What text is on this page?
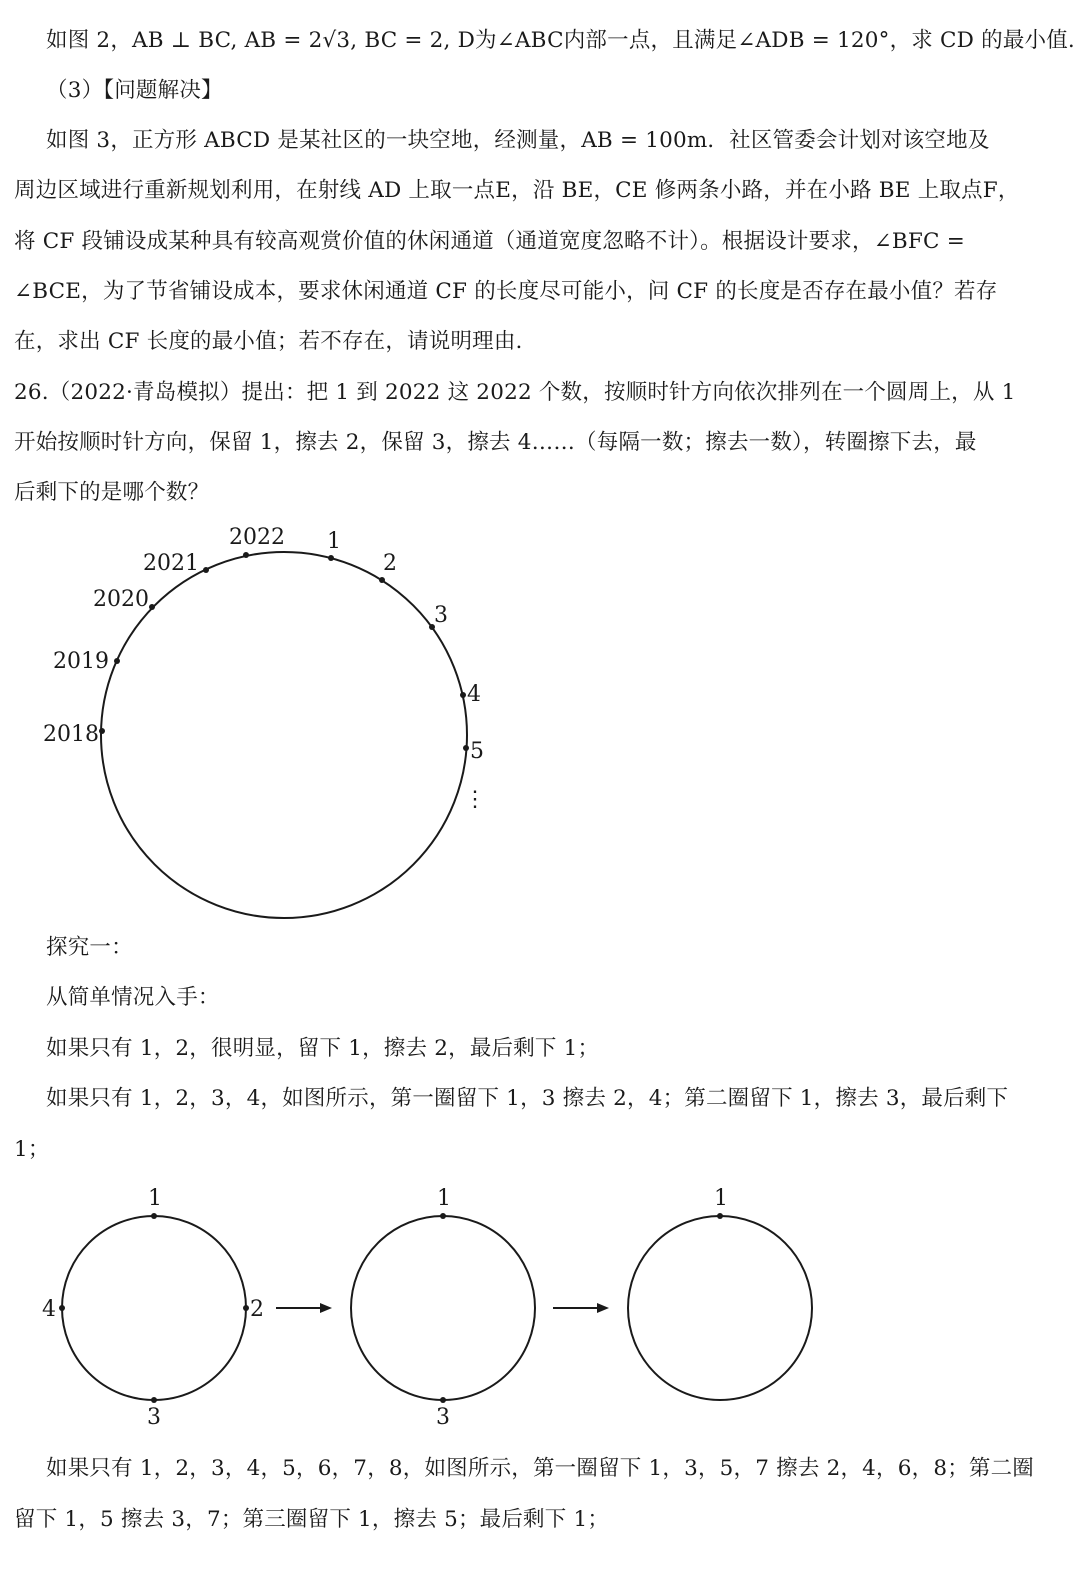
如图 2，AB ⊥ BC, AB = 2√3, BC = 2, D为∠ABC内部一点，且满足∠ADB = 120°，求 CD 的最小值.
（3）【问题解决】
如图 3，正方形 ABCD 是某社区的一块空地，经测量，AB = 100m．社区管委会计划对该空地及
周边区域进行重新规划利用，在射线 AD 上取一点E，沿 BE，CE 修两条小路，并在小路 BE 上取点F，
将 CF 段铺设成某种具有较高观赏价值的休闲通道（通道宽度忽略不计）。根据设计要求，∠BFC =
∠BCE，为了节省铺设成本，要求休闲通道 CF 的长度尽可能小，问 CF 的长度是否存在最小值？若存
在，求出 CF 长度的最小值；若不存在，请说明理由.
26.（2022·青岛模拟）提出：把 1 到 2022 这 2022 个数，按顺时针方向依次排列在一个圆周上，从 1
开始按顺时针方向，保留 1，擦去 2，保留 3，擦去 4……（每隔一数；擦去一数），转圈擦下去，最
后剩下的是哪个数？
2022 1
2
3
4
5
2021
2020
2019
2018
⋮
1
2
3
4
1
3
1
探究一：
从简单情况入手：
如果只有 1，2，很明显，留下 1，擦去 2，最后剩下 1；
如果只有 1，2，3，4，如图所示，第一圈留下 1，3 擦去 2，4；第二圈留下 1，擦去 3，最后剩下
1；
如果只有 1，2，3，4，5，6，7，8，如图所示，第一圈留下 1，3，5，7 擦去 2，4，6，8；第二圈
留下 1，5 擦去 3，7；第三圈留下 1，擦去 5；最后剩下 1；
